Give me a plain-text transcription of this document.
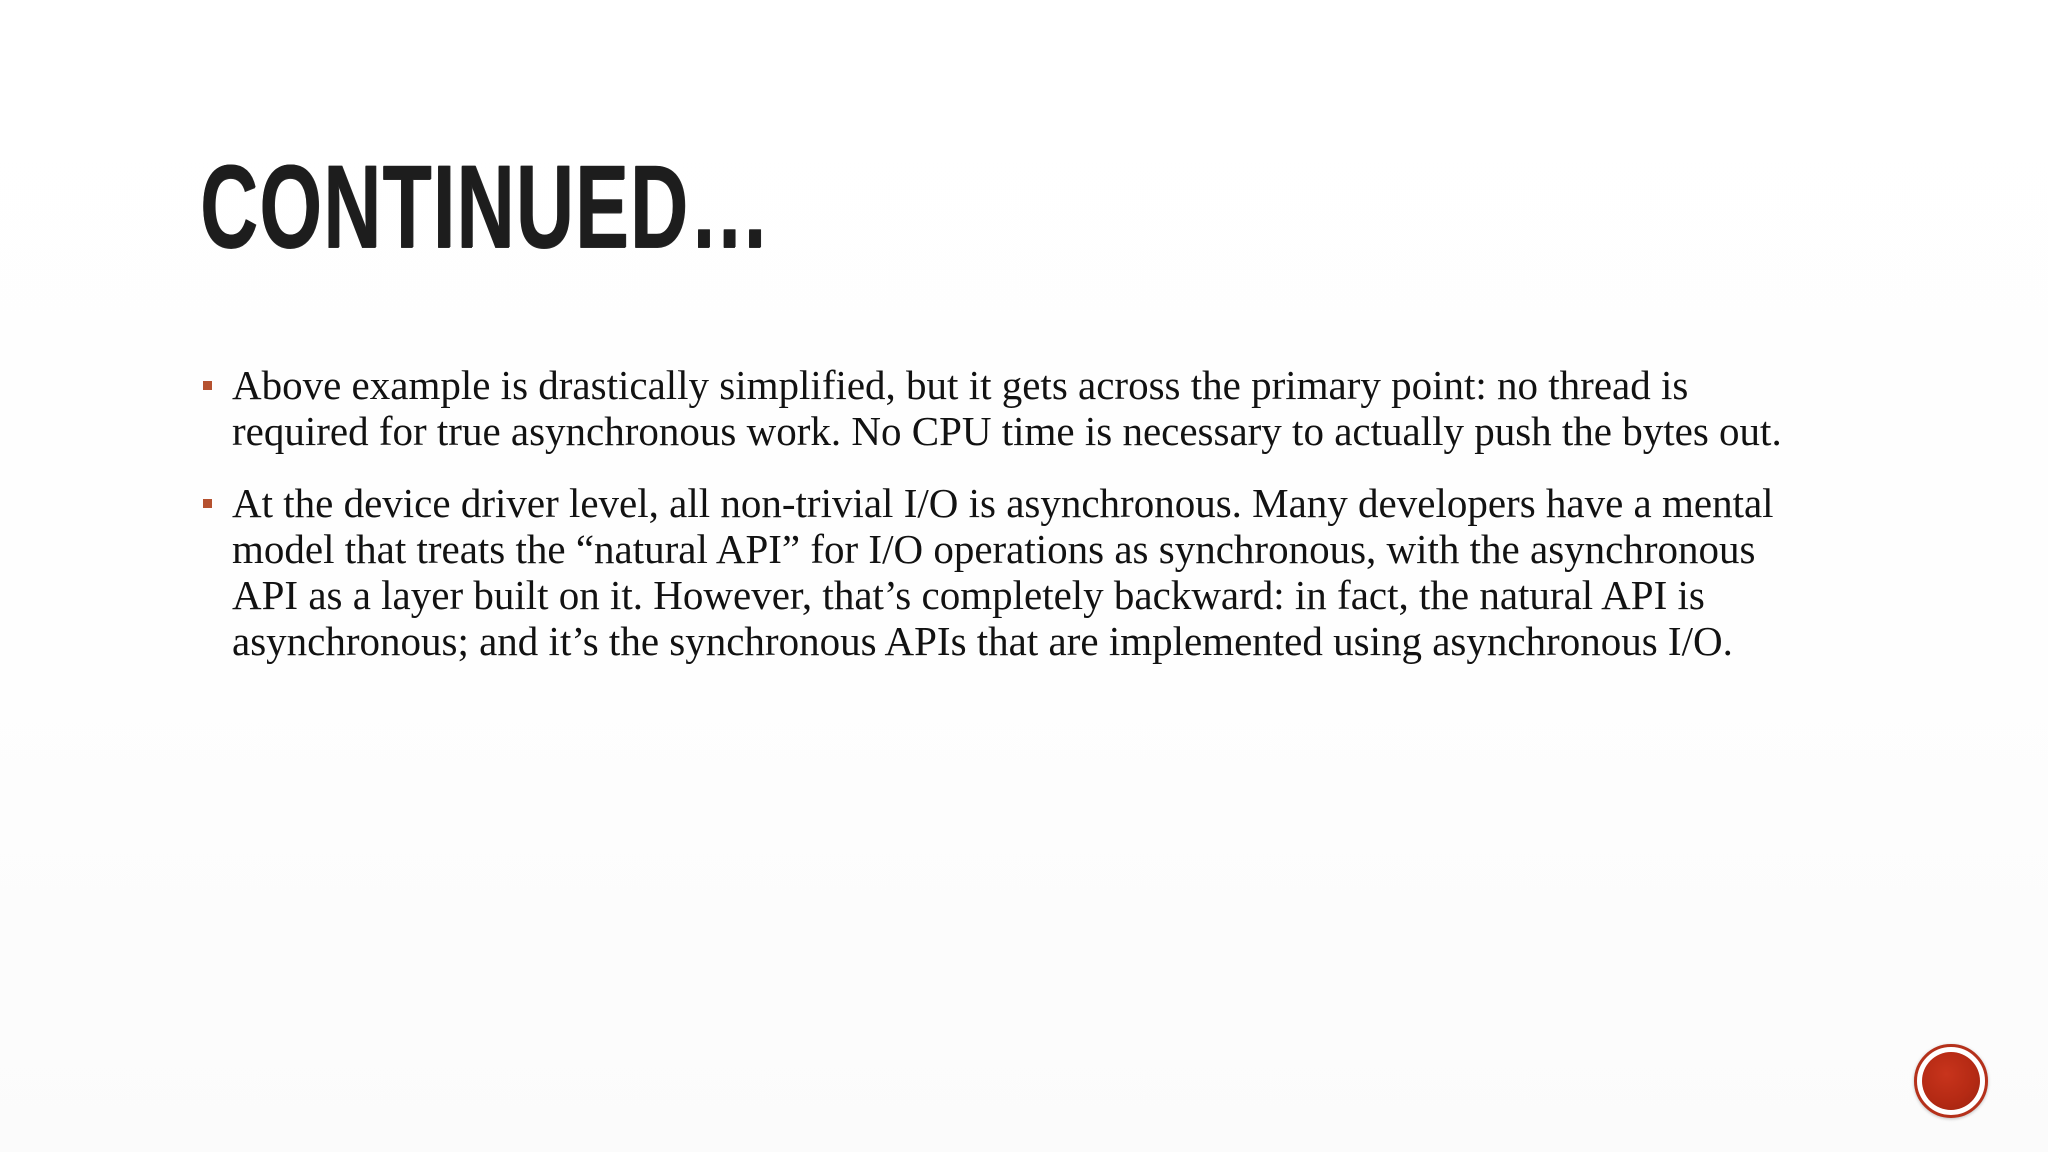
CONTINUED…
Above example is drastically simplified, but it gets across the primary point: no thread is required for true asynchronous work. No CPU time is necessary to actually push the bytes out.
At the device driver level, all non-trivial I/O is asynchronous. Many developers have a mental model that treats the “natural API” for I/O operations as synchronous, with the asynchronous API as a layer built on it. However, that’s completely backward: in fact, the natural API is asynchronous; and it’s the synchronous APIs that are implemented using asynchronous I/O.
